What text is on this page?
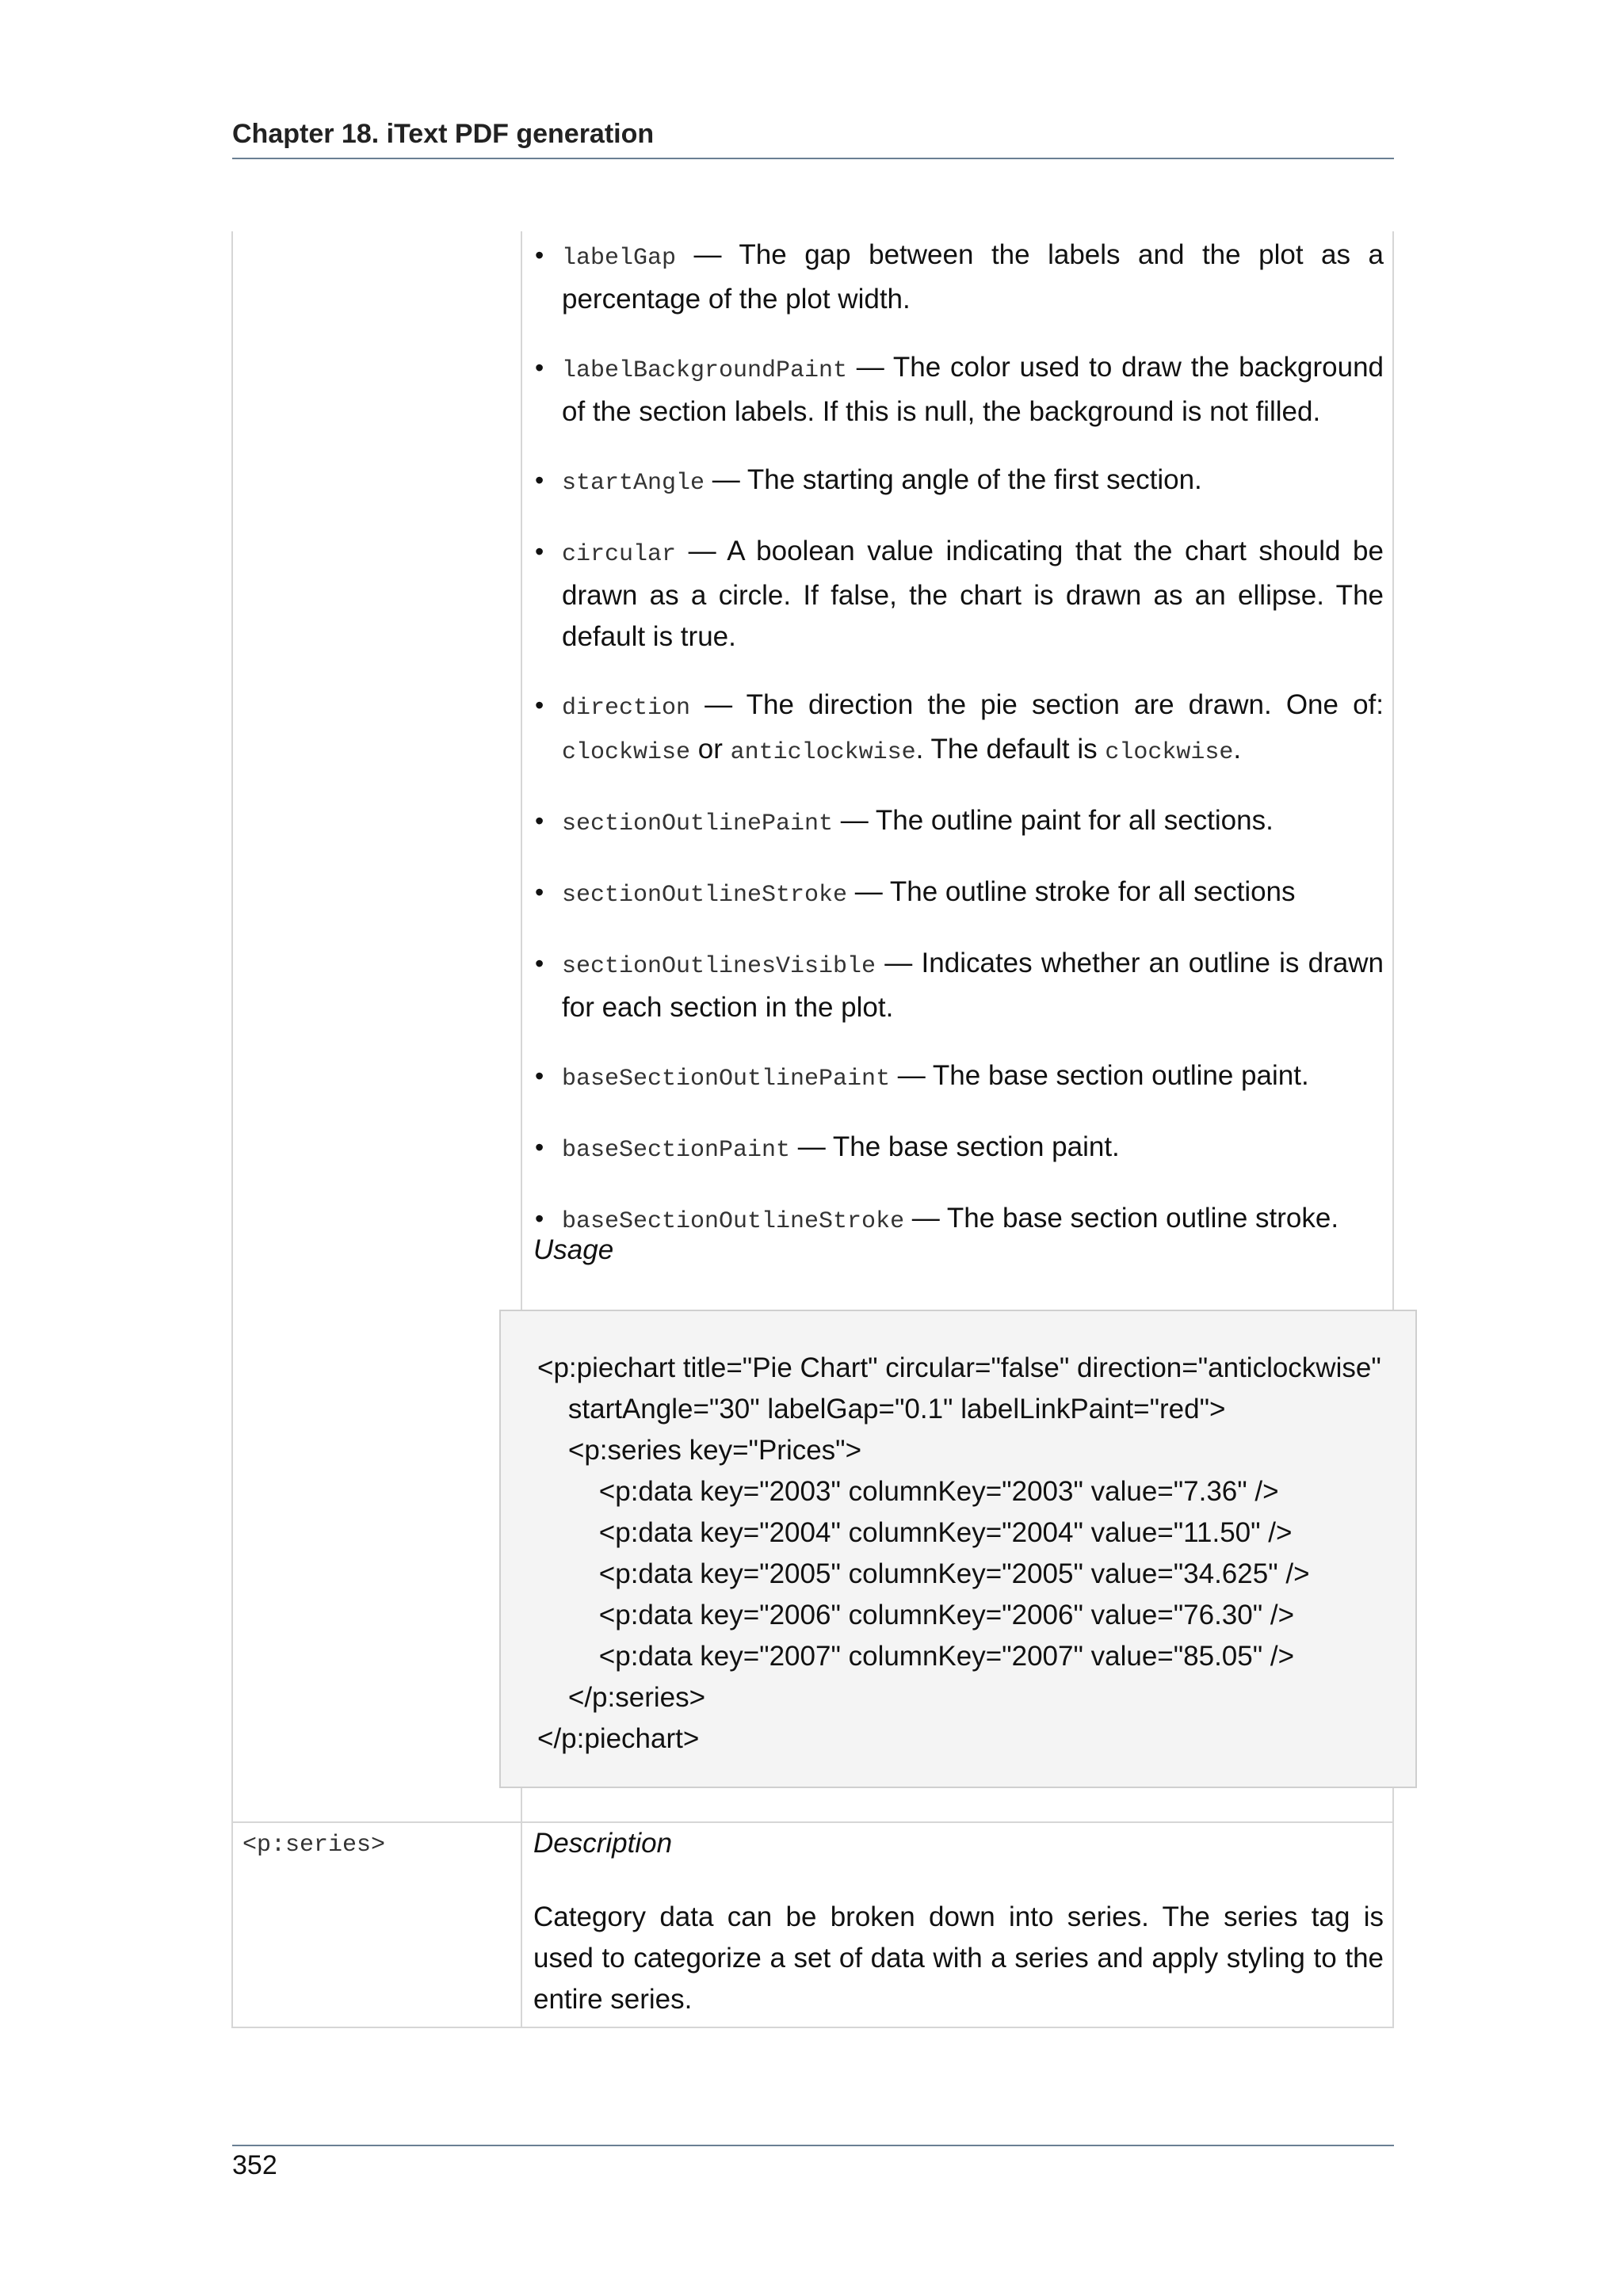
Chapter 18. iText PDF generation
• labelGap — The gap between the labels and the plot as a percentage of the plot width.
• labelBackgroundPaint — The color used to draw the background of the section labels. If this is null, the background is not filled.
• startAngle — The starting angle of the first section.
• circular — A boolean value indicating that the chart should be drawn as a circle. If false, the chart is drawn as an ellipse. The default is true.
• direction — The direction the pie section are drawn. One of: clockwise or anticlockwise. The default is clockwise.
• sectionOutlinePaint — The outline paint for all sections.
• sectionOutlineStroke — The outline stroke for all sections
• sectionOutlinesVisible — Indicates whether an outline is drawn for each section in the plot.
• baseSectionOutlinePaint — The base section outline paint.
• baseSectionPaint — The base section paint.
• baseSectionOutlineStroke — The base section outline stroke.
Usage
<p:piechart title="Pie Chart" circular="false" direction="anticlockwise"
startAngle="30" labelGap="0.1" labelLinkPaint="red">
<p:series key="Prices">
<p:data key="2003" columnKey="2003" value="7.36" />
<p:data key="2004" columnKey="2004" value="11.50" />
<p:data key="2005" columnKey="2005" value="34.625" />
<p:data key="2006" columnKey="2006" value="76.30" />
<p:data key="2007" columnKey="2007" value="85.05" />
</p:series>
</p:piechart>
<p:series>	Description
Category data can be broken down into series. The series tag is used to categorize a set of data with a series and apply styling to the entire series.
352
